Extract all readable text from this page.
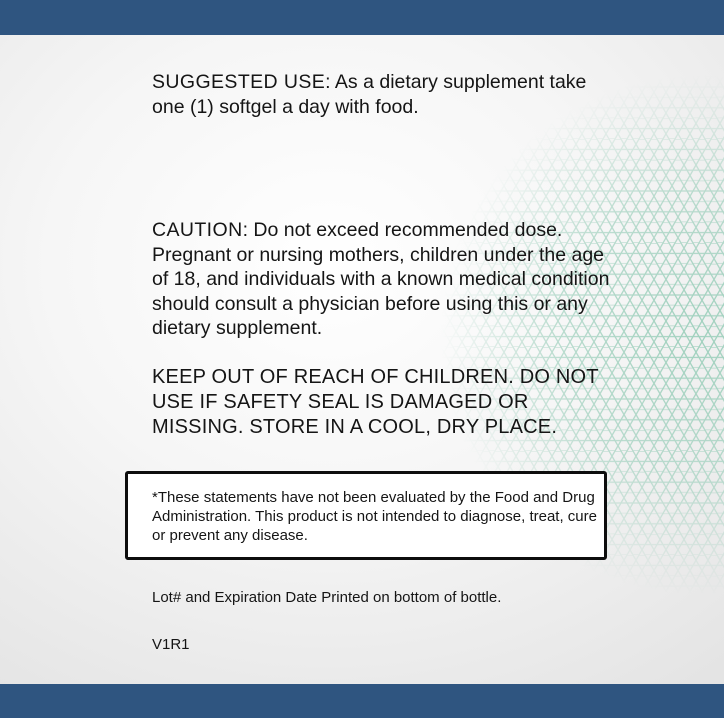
SUGGESTED USE: As a dietary supplement take one (1) softgel a day with food.
CAUTION: Do not exceed recommended dose. Pregnant or nursing mothers, children under the age of 18, and individuals with a known medical condition should consult a physician before using this or any dietary supplement.
KEEP OUT OF REACH OF CHILDREN. DO NOT USE IF SAFETY SEAL IS DAMAGED OR MISSING. STORE IN A COOL, DRY PLACE.
*These statements have not been evaluated by the Food and Drug Administration. This product is not intended to diagnose, treat, cure or prevent any disease.
Lot# and Expiration Date Printed on bottom of bottle.
V1R1
